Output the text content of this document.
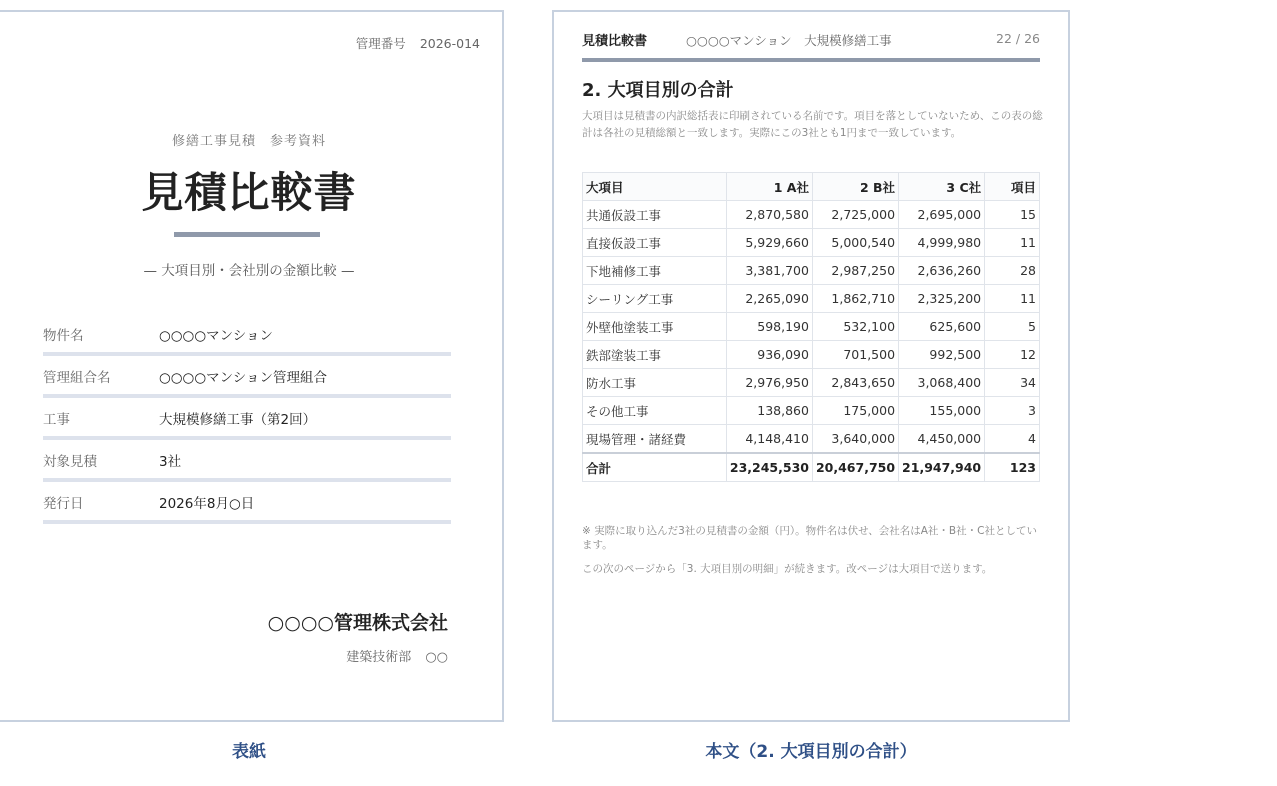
管理番号 2026-014
修繕工事見積　参考資料
見積比較書
— 大項目別・会社別の金額比較 —
物件名	○○○○マンション
管理組合名	○○○○マンション管理組合
工事	大規模修繕工事（第2回）
対象見積	3社
発行日	2026年8月○日
○○○○管理株式会社
建築技術部 ○○
見積比較書	○○○○マンション　大規模修繕工事	22 / 26
2. 大項目別の合計
大項目は見積書の内訳総括表に印刷されている名前です。項目を落としていないため、この表の総計は各社の見積総額と一致します。実際にこの3社とも1円まで一致しています。
大項目	1 A社	2 B社	3 C社	項目
共通仮設工事	2,870,580	2,725,000	2,695,000	15
直接仮設工事	5,929,660	5,000,540	4,999,980	11
下地補修工事	3,381,700	2,987,250	2,636,260	28
シーリング工事	2,265,090	1,862,710	2,325,200	11
外壁他塗装工事	598,190	532,100	625,600	5
鉄部塗装工事	936,090	701,500	992,500	12
防水工事	2,976,950	2,843,650	3,068,400	34
その他工事	138,860	175,000	155,000	3
現場管理・諸経費	4,148,410	3,640,000	4,450,000	4
合計	23,245,530	20,467,750	21,947,940	123
※ 実際に取り込んだ3社の見積書の金額（円）。物件名は伏せ、会社名はA社・B社・C社としています。
この次のページから「3. 大項目別の明細」が続きます。改ページは大項目で送ります。
表紙	本文（2. 大項目別の合計）
